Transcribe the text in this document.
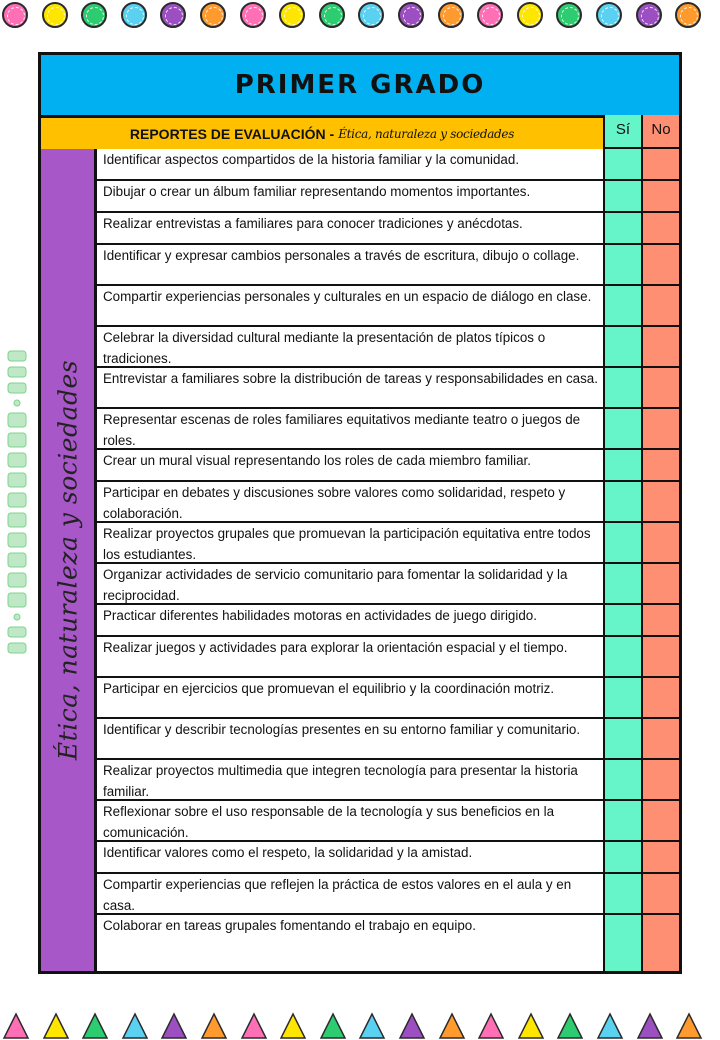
PRIMER GRADO
REPORTES DE EVALUACIÓN - Ética, naturaleza y sociedades	Sí	No
Ética, naturaleza y sociedades
Identificar aspectos compartidos de la historia familiar y la comunidad.
Dibujar o crear un álbum familiar representando momentos importantes.
Realizar entrevistas a familiares para conocer tradiciones y anécdotas.
Identificar y expresar cambios personales a través de escritura, dibujo o collage.
Compartir experiencias personales y culturales en un espacio de diálogo en clase.
Celebrar la diversidad cultural mediante la presentación de platos típicos o tradiciones.
Entrevistar a familiares sobre la distribución de tareas y responsabilidades en casa.
Representar escenas de roles familiares equitativos mediante teatro o juegos de roles.
Crear un mural visual representando los roles de cada miembro familiar.
Participar en debates y discusiones sobre valores como solidaridad, respeto y colaboración.
Realizar proyectos grupales que promuevan la participación equitativa entre todos los estudiantes.
Organizar actividades de servicio comunitario para fomentar la solidaridad y la reciprocidad.
Practicar diferentes habilidades motoras en actividades de juego dirigido.
Realizar juegos y actividades para explorar la orientación espacial y el tiempo.
Participar en ejercicios que promuevan el equilibrio y la coordinación motriz.
Identificar y describir tecnologías presentes en su entorno familiar y comunitario.
Realizar proyectos multimedia que integren tecnología para presentar la historia familiar.
Reflexionar sobre el uso responsable de la tecnología y sus beneficios en la comunicación.
Identificar valores como el respeto, la solidaridad y la amistad.
Compartir experiencias que reflejen la práctica de estos valores en el aula y en casa.
Colaborar en tareas grupales fomentando el trabajo en equipo.
